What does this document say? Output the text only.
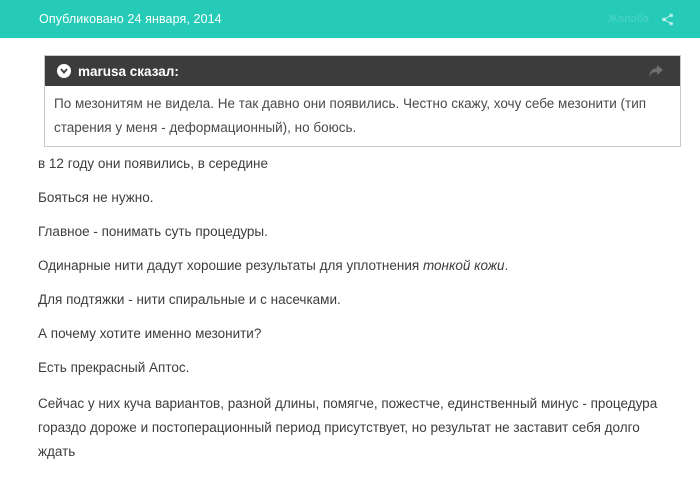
Опубликовано 24 января, 2014	Жалоба
marusa сказал:
По мезонитям не видела. Не так давно они появились. Честно скажу, хочу себе мезонити (тип старения у меня - деформационный), но боюсь.

в 12 году они появились, в середине

Бояться не нужно.

Главное - понимать суть процедуры.

Одинарные нити дадут хорошие результаты для уплотнения тонкой кожи.

Для подтяжки - нити спиральные и с насечками.

А почему хотите именно мезонити?

Есть прекрасный Аптос.

Сейчас у них куча вариантов, разной длины, помягче, пожестче, единственный минус - процедура гораздо дороже и постоперационный период присутствует, но результат не заставит себя долго ждать
